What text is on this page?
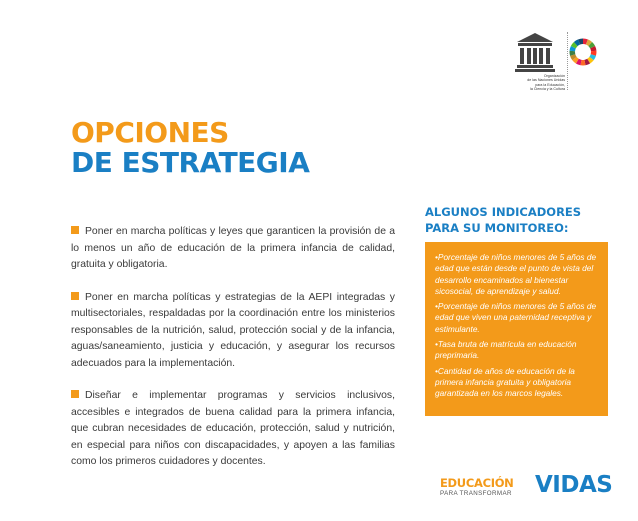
Organización
de las Naciones Unidas
para la Educación,
la Ciencia y la Cultura
OPCIONES
DE ESTRATEGIA

Poner en marcha políticas y leyes que garanticen la provisión de a lo menos un año de educación de la primera infancia de calidad, gratuita y obligatoria.

Poner en marcha políticas y estrategias de la AEPI integradas y multisectoriales, respaldadas por la coordinación entre los ministerios responsables de la nutrición, salud, protección social y de la infancia, aguas/saneamiento, justicia y educación, y asegurar los recursos adecuados para la implementación.

Diseñar e implementar programas y servicios inclusivos, accesibles e integrados de buena calidad para la primera infancia, que cubran necesidades de educación, protección, salud y nutrición, en especial para niños con discapacidades, y apoyen a las familias como los primeros cuidadores y docentes.

ALGUNOS INDICADORES
PARA SU MONITOREO:
•Porcentaje de niños menores de 5 años de edad que están desde el punto de vista del desarrollo encaminados al bienestar sicosocial, de aprendizaje y salud.
•Porcentaje de niños menores de 5 años de edad que viven una paternidad receptiva y estimulante.
•Tasa bruta de matrícula en educación preprimaria.
•Cantidad de años de educación de la primera infancia gratuita y obligatoria garantizada en los marcos legales.
EDUCACIÓN
PARA TRANSFORMAR VIDAS
